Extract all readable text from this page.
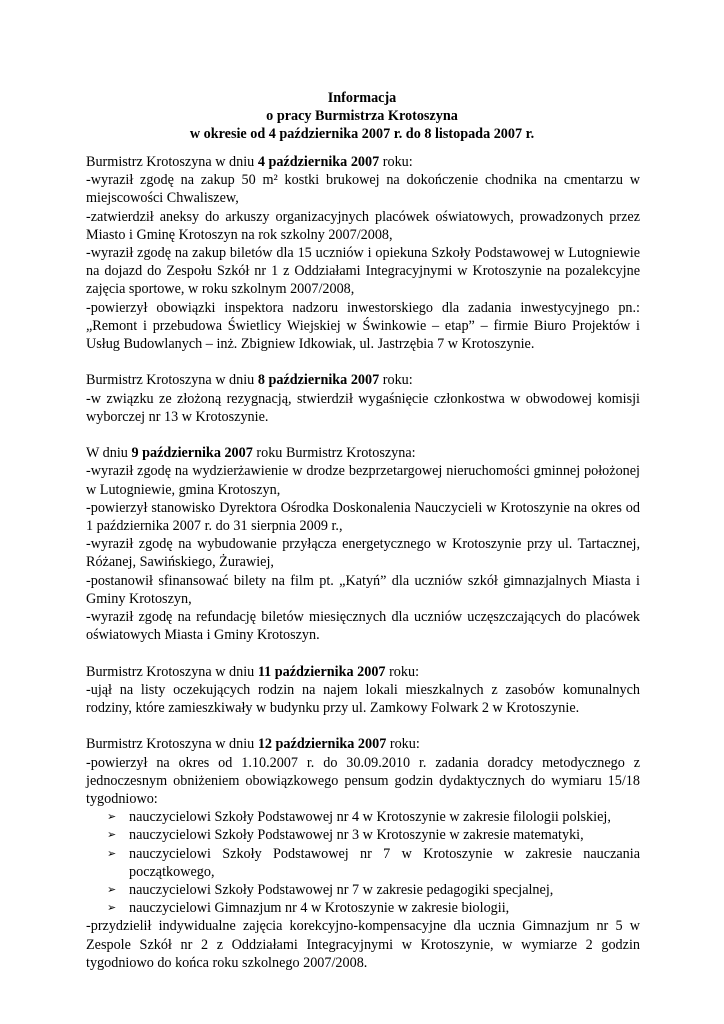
Informacja
o pracy Burmistrza Krotoszyna
w okresie od 4 października 2007 r. do 8 listopada 2007 r.
Burmistrz Krotoszyna w dniu 4 października 2007 roku:
-wyraził zgodę na zakup 50 m² kostki brukowej na dokończenie chodnika na cmentarzu w miejscowości Chwaliszew,
-zatwierdził aneksy do arkuszy organizacyjnych placówek oświatowych, prowadzonych przez Miasto i Gminę Krotoszyn na rok szkolny 2007/2008,
-wyraził zgodę na zakup biletów dla 15 uczniów i opiekuna Szkoły Podstawowej w Lutogniewie na dojazd do Zespołu Szkół nr 1 z Oddziałami Integracyjnymi w Krotoszynie na pozalekcyjne zajęcia sportowe, w roku szkolnym 2007/2008,
-powierzył obowiązki inspektora nadzoru inwestorskiego dla zadania inwestycyjnego pn.: „Remont i przebudowa Świetlicy Wiejskiej w Świnkowie – etap” – firmie Biuro Projektów i Usług Budowlanych – inż. Zbigniew Idkowiak, ul. Jastrzębia 7 w Krotoszynie.
Burmistrz Krotoszyna w dniu 8 października 2007 roku:
-w związku ze złożoną rezygnacją, stwierdził wygaśnięcie członkostwa w obwodowej komisji wyborczej nr 13 w Krotoszynie.
W dniu 9 października 2007 roku Burmistrz Krotoszyna:
-wyraził zgodę na wydzierżawienie w drodze bezprzetargowej nieruchomości gminnej położonej w Lutogniewie, gmina Krotoszyn,
-powierzył stanowisko Dyrektora Ośrodka Doskonalenia Nauczycieli w Krotoszynie na okres od 1 października 2007 r. do 31 sierpnia 2009 r.,
-wyraził zgodę na wybudowanie przyłącza energetycznego w Krotoszynie przy ul. Tartacznej, Różanej, Sawińskiego, Żurawiej,
-postanowił sfinansować bilety na film pt. „Katyń” dla uczniów szkół gimnazjalnych Miasta i Gminy Krotoszyn,
-wyraził zgodę na refundację biletów miesięcznych dla uczniów uczęszczających do placówek oświatowych Miasta i Gminy Krotoszyn.
Burmistrz Krotoszyna w dniu 11 października 2007 roku:
-ujął na listy oczekujących rodzin na najem lokali mieszkalnych z zasobów komunalnych rodziny, które zamieszkiwały w budynku przy ul. Zamkowy Folwark 2 w Krotoszynie.
Burmistrz Krotoszyna w dniu 12 października 2007 roku:
-powierzył na okres od 1.10.2007 r. do 30.09.2010 r. zadania doradcy metodycznego z jednoczesnym obniżeniem obowiązkowego pensum godzin dydaktycznych do wymiaru 15/18 tygodniowo:
➢ nauczycielowi Szkoły Podstawowej nr 4 w Krotoszynie w zakresie filologii polskiej,
➢ nauczycielowi Szkoły Podstawowej nr 3 w Krotoszynie w zakresie matematyki,
➢ nauczycielowi Szkoły Podstawowej nr 7 w Krotoszynie w zakresie nauczania początkowego,
➢ nauczycielowi Szkoły Podstawowej nr 7 w zakresie pedagogiki specjalnej,
➢ nauczycielowi Gimnazjum nr 4 w Krotoszynie w zakresie biologii,
-przydzielił indywidualne zajęcia korekcyjno-kompensacyjne dla ucznia Gimnazjum nr 5 w Zespole Szkół nr 2 z Oddziałami Integracyjnymi w Krotoszynie, w wymiarze 2 godzin tygodniowo do końca roku szkolnego 2007/2008.
